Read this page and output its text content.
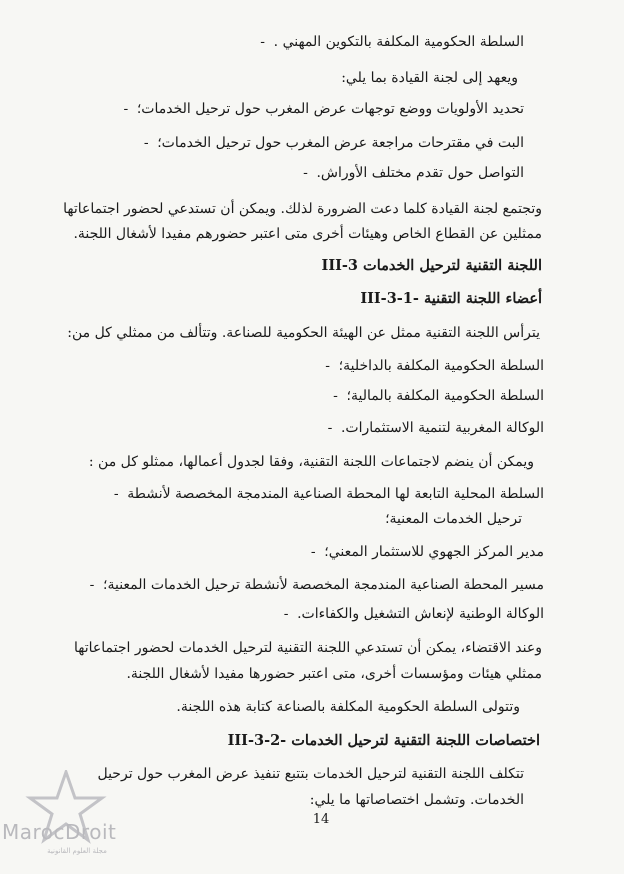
السلطة الحكومية المكلفة بالتكوين المهني .-
ويعهد إلى لجنة القيادة بما يلي:
تحديد الأولويات ووضع توجهات عرض المغرب حول ترحيل الخدمات؛-
البت في مقترحات مراجعة عرض المغرب حول ترحيل الخدمات؛-
التواصل حول تقدم مختلف الأوراش.-
وتجتمع لجنة القيادة كلما دعت الضرورة لذلك. ويمكن أن تستدعي لحضور اجتماعاتها
ممثلين عن القطاع الخاص وهيئات أخرى متى اعتبر حضورهم مفيدا لأشغال اللجنة.
III-3 اللجنة التقنية لترحيل الخدمات
III-3-1- أعضاء اللجنة التقنية
يترأس اللجنة التقنية ممثل عن الهيئة الحكومية للصناعة. وتتألف من ممثلي كل من:
السلطة الحكومية المكلفة بالداخلية؛-
السلطة الحكومية المكلفة بالمالية؛-
الوكالة المغربية لتنمية الاستثمارات.-
ويمكن أن ينضم لاجتماعات اللجنة التقنية، وفقا لجدول أعمالها، ممثلو كل من :
السلطة المحلية التابعة لها المحطة الصناعية المندمجة المخصصة لأنشطة-
ترحيل الخدمات المعنية؛
مدير المركز الجهوي للاستثمار المعني؛-
مسير المحطة الصناعية المندمجة المخصصة لأنشطة ترحيل الخدمات المعنية؛-
الوكالة الوطنية لإنعاش التشغيل والكفاءات.-
وعند الاقتضاء، يمكن أن تستدعي اللجنة التقنية لترحيل الخدمات لحضور اجتماعاتها
ممثلي هيئات ومؤسسات أخرى، متى اعتبر حضورها مفيدا لأشغال اللجنة.
وتتولى السلطة الحكومية المكلفة بالصناعة كتابة هذه اللجنة.
III-3-2- اختصاصات اللجنة التقنية لترحيل الخدمات
تتكلف اللجنة التقنية لترحيل الخدمات بتتبع تنفيذ عرض المغرب حول ترحيل
الخدمات. وتشمل اختصاصاتها ما يلي:
14
MarocDroit
مجلة العلوم القانونية
